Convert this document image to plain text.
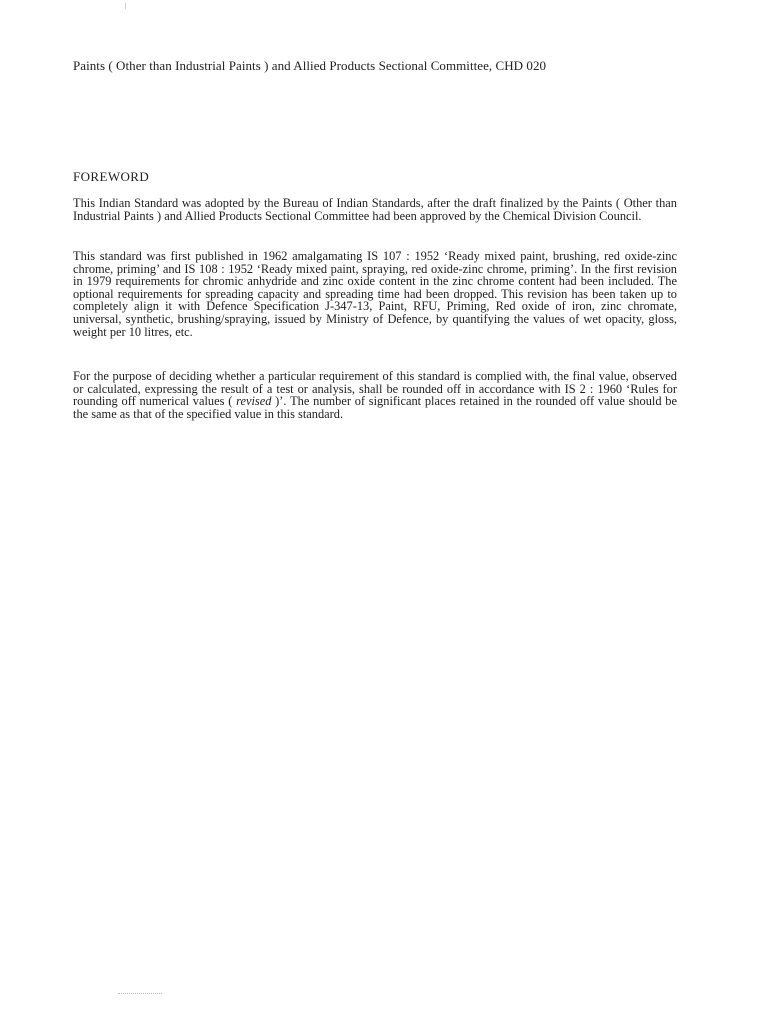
Paints ( Other than Industrial Paints ) and Allied Products Sectional Committee, CHD 020
FOREWORD

This Indian Standard was adopted by the Bureau of Indian Standards, after the draft finalized by the Paints ( Other than Industrial Paints ) and Allied Products Sectional Committee had been approved by the Chemical Division Council.

This standard was first published in 1962 amalgamating IS 107 : 1952 ‘Ready mixed paint, brushing, red oxide-zinc chrome, priming’ and IS 108 : 1952 ‘Ready mixed paint, spraying, red oxide-zinc chrome, priming’. In the first revision in 1979 requirements for chromic anhydride and zinc oxide content in the zinc chrome content had been included. The optional requirements for spreading capacity and spreading time had been dropped. This revision has been taken up to completely align it with Defence Specification J-347-13, Paint, RFU, Priming, Red oxide of iron, zinc chromate, universal, synthetic, brushing/spraying, issued by Ministry of Defence, by quantifying the values of wet opacity, gloss, weight per 10 litres, etc.

For the purpose of deciding whether a particular requirement of this standard is complied with, the final value, observed or calculated, expressing the result of a test or analysis, shall be rounded off in accordance with IS 2 : 1960 ‘Rules for rounding off numerical values ( revised )’. The number of significant places retained in the rounded off value should be the same as that of the specified value in this standard.
